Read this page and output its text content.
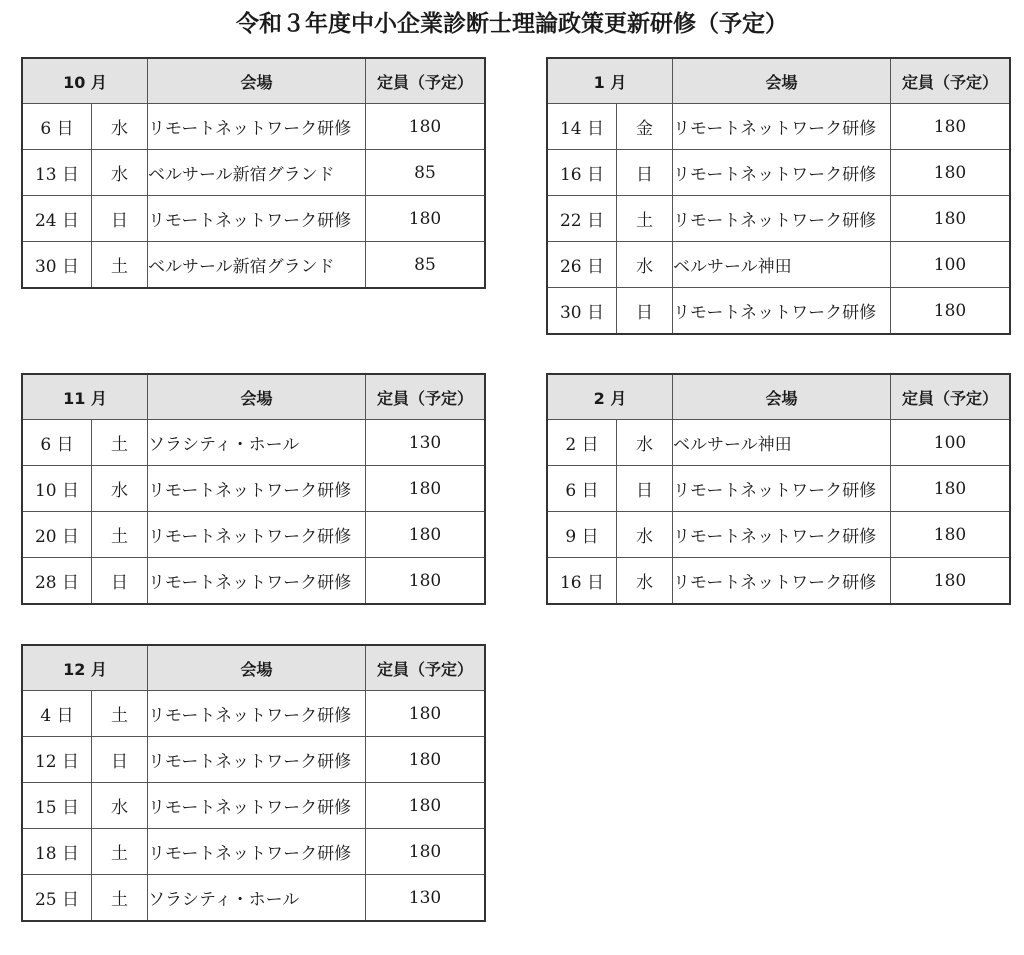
令和３年度中小企業診断士理論政策更新研修（予定）
10 月		会場	定員（予定）
6 日	水	リモートネットワーク研修	180
13 日	水	ベルサール新宿グランド	85
24 日	日	リモートネットワーク研修	180
30 日	土	ベルサール新宿グランド	85
11 月		会場	定員（予定）
6 日	土	ソラシティ・ホール	130
10 日	水	リモートネットワーク研修	180
20 日	土	リモートネットワーク研修	180
28 日	日	リモートネットワーク研修	180
12 月		会場	定員（予定）
4 日	土	リモートネットワーク研修	180
12 日	日	リモートネットワーク研修	180
15 日	水	リモートネットワーク研修	180
18 日	土	リモートネットワーク研修	180
25 日	土	ソラシティ・ホール	130
1 月		会場	定員（予定）
14 日	金	リモートネットワーク研修	180
16 日	日	リモートネットワーク研修	180
22 日	土	リモートネットワーク研修	180
26 日	水	ベルサール神田	100
30 日	日	リモートネットワーク研修	180
2 月		会場	定員（予定）
2 日	水	ベルサール神田	100
6 日	日	リモートネットワーク研修	180
9 日	水	リモートネットワーク研修	180
16 日	水	リモートネットワーク研修	180
